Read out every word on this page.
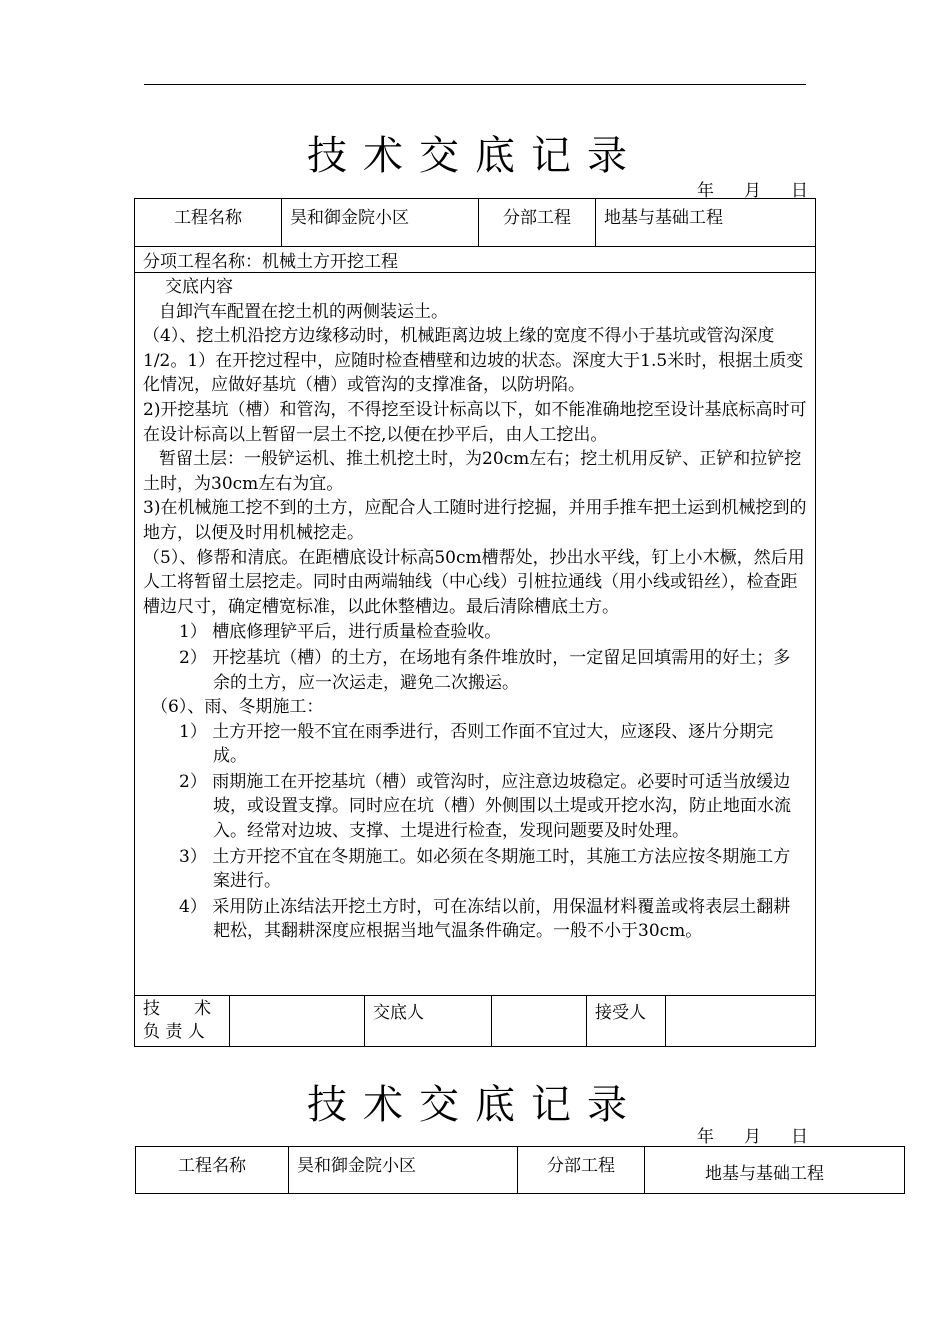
技术交底记录
年 月 日
工程名称	昊和御金院小区	分部工程	地基与基础工程
分项工程名称：机械土方开挖工程

交底内容

自卸汽车配置在挖土机的两侧装运土。

（4）、挖土机沿挖方边缘移动时，机械距离边坡上缘的宽度不得小于基坑或管沟深度1/2。1）在开挖过程中，应随时检查槽壁和边坡的状态。深度大于1.5米时，根据土质变化情况，应做好基坑（槽）或管沟的支撑准备，以防坍陷。

2)开挖基坑（槽）和管沟，不得挖至设计标高以下，如不能准确地挖至设计基底标高时可在设计标高以上暂留一层土不挖,以便在抄平后，由人工挖出。

暂留土层：一般铲运机、推土机挖土时，为20cm左右；挖土机用反铲、正铲和拉铲挖土时，为30cm左右为宜。

3)在机械施工挖不到的土方，应配合人工随时进行挖掘，并用手推车把土运到机械挖到的地方，以便及时用机械挖走。

（5）、修帮和清底。在距槽底设计标高50cm槽帮处，抄出水平线，钉上小木橛，然后用人工将暂留土层挖走。同时由两端轴线（中心线）引桩拉通线（用小线或铅丝），检查距槽边尺寸，确定槽宽标准，以此休整槽边。最后清除槽底土方。

1） 槽底修理铲平后，进行质量检查验收。

2） 开挖基坑（槽）的土方，在场地有条件堆放时，一定留足回填需用的好土；多余的土方，应一次运走，避免二次搬运。

（6）、雨、冬期施工：

1） 土方开挖一般不宜在雨季进行，否则工作面不宜过大，应逐段、逐片分期完成。

2） 雨期施工在开挖基坑（槽）或管沟时，应注意边坡稳定。必要时可适当放缓边坡，或设置支撑。同时应在坑（槽）外侧围以土堤或开挖水沟，防止地面水流入。经常对边坡、支撑、土堤进行检查，发现问题要及时处理。

3） 土方开挖不宜在冬期施工。如必须在冬期施工时，其施工方法应按冬期施工方案进行。

4） 采用防止冻结法开挖土方时，可在冻结以前，用保温材料覆盖或将表层土翻耕耙松，其翻耕深度应根据当地气温条件确定。一般不小于30cm。

技　　术
负 责 人
		交底人		接受人	
技术交底记录
年 月 日
工程名称	昊和御金院小区	分部工程	地基与基础工程
